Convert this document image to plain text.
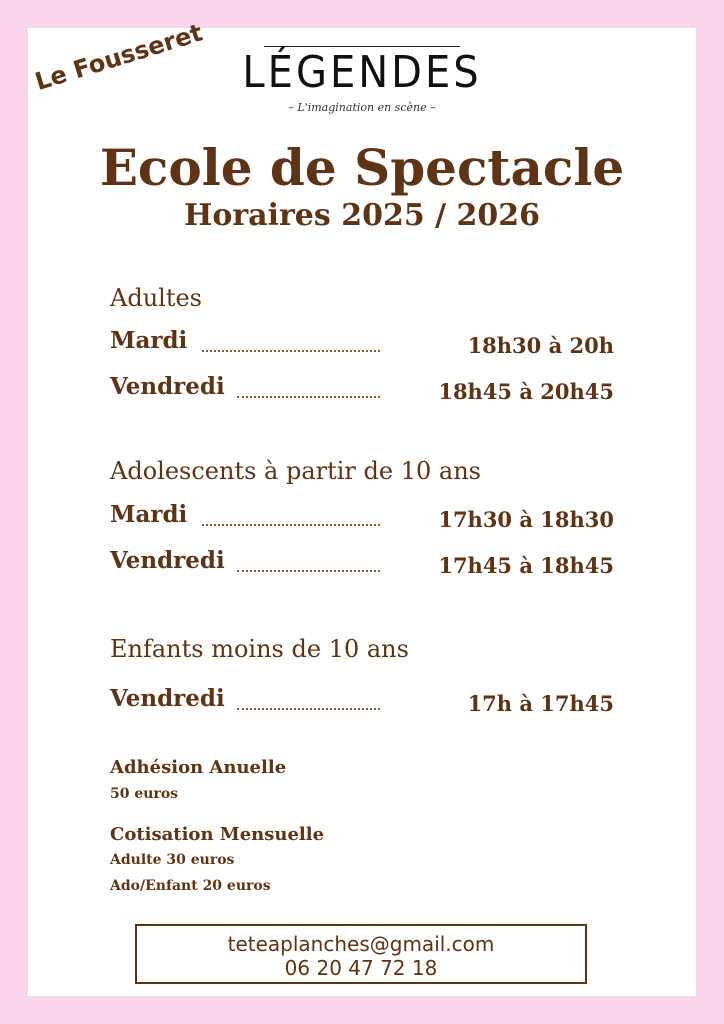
Le Fousseret LÉGENDES
– L'imagination en scène –
Ecole de Spectacle
Horaires 2025 / 2026
Adultes
Mardi	18h30 à 20h
Vendredi	18h45 à 20h45
Adolescents à partir de 10 ans
Mardi	17h30 à 18h30
Vendredi	17h45 à 18h45
Enfants moins de 10 ans
Vendredi	17h à 17h45
Adhésion Anuelle
50 euros
Cotisation Mensuelle
Adulte 30 euros
Ado/Enfant 20 euros
teteaplanches@gmail.com
06 20 47 72 18
